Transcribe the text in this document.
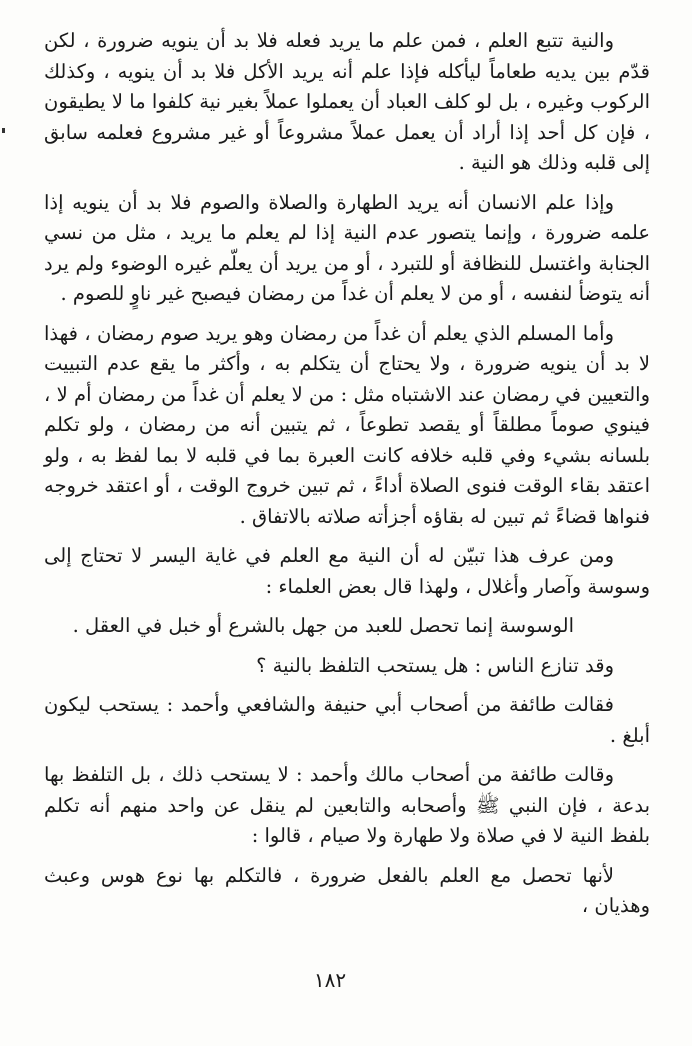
والنية تتبع العلم ، فمن علم ما يريد فعله فلا بد أن ينويه ضرورة ، لكن قدّم بين يديه طعاماً ليأكله فإذا علم أنه يريد الأكل فلا بد أن ينويه ، وكذلك الركوب وغيره ، بل لو كلف العباد أن يعملوا عملاً بغير نية كلفوا ما لا يطيقون ، فإن كل أحد إذا أراد أن يعمل عملاً مشروعاً أو غير مشروع فعلمه سابق إلى قلبه وذلك هو النية .

وإذا علم الانسان أنه يريد الطهارة والصلاة والصوم فلا بد أن ينويه إذا علمه ضرورة ، وإنما يتصور عدم النية إذا لم يعلم ما يريد ، مثل من نسي الجنابة واغتسل للنظافة أو للتبرد ، أو من يريد أن يعلّم غيره الوضوء ولم يرد أنه يتوضأ لنفسه ، أو من لا يعلم أن غداً من رمضان فيصبح غير ناوٍ للصوم .

وأما المسلم الذي يعلم أن غداً من رمضان وهو يريد صوم رمضان ، فهذا لا بد أن ينويه ضرورة ، ولا يحتاج أن يتكلم به ، وأكثر ما يقع عدم التبييت والتعيين في رمضان عند الاشتباه مثل : من لا يعلم أن غداً من رمضان أم لا ، فينوي صوماً مطلقاً أو يقصد تطوعاً ، ثم يتبين أنه من رمضان ، ولو تكلم بلسانه بشيء وفي قلبه خلافه كانت العبرة بما في قلبه لا بما لفظ به ، ولو اعتقد بقاء الوقت فنوى الصلاة أداءً ، ثم تبين خروج الوقت ، أو اعتقد خروجه فنواها قضاءً ثم تبين له بقاؤه أجزأته صلاته بالاتفاق .

ومن عرف هذا تبيّن له أن النية مع العلم في غاية اليسر لا تحتاج إلى وسوسة وآصار وأغلال ، ولهذا قال بعض العلماء :

الوسوسة إنما تحصل للعبد من جهل بالشرع أو خبل في العقل .

وقد تنازع الناس : هل يستحب التلفظ بالنية ؟

فقالت طائفة من أصحاب أبي حنيفة والشافعي وأحمد : يستحب ليكون أبلغ .

وقالت طائفة من أصحاب مالك وأحمد : لا يستحب ذلك ، بل التلفظ بها بدعة ، فإن النبي ﷺ وأصحابه والتابعين لم ينقل عن واحد منهم أنه تكلم بلفظ النية لا في صلاة ولا طهارة ولا صيام ، قالوا :

لأنها تحصل مع العلم بالفعل ضرورة ، فالتكلم بها نوع هوس وعبث وهذيان ،

١٨٢
